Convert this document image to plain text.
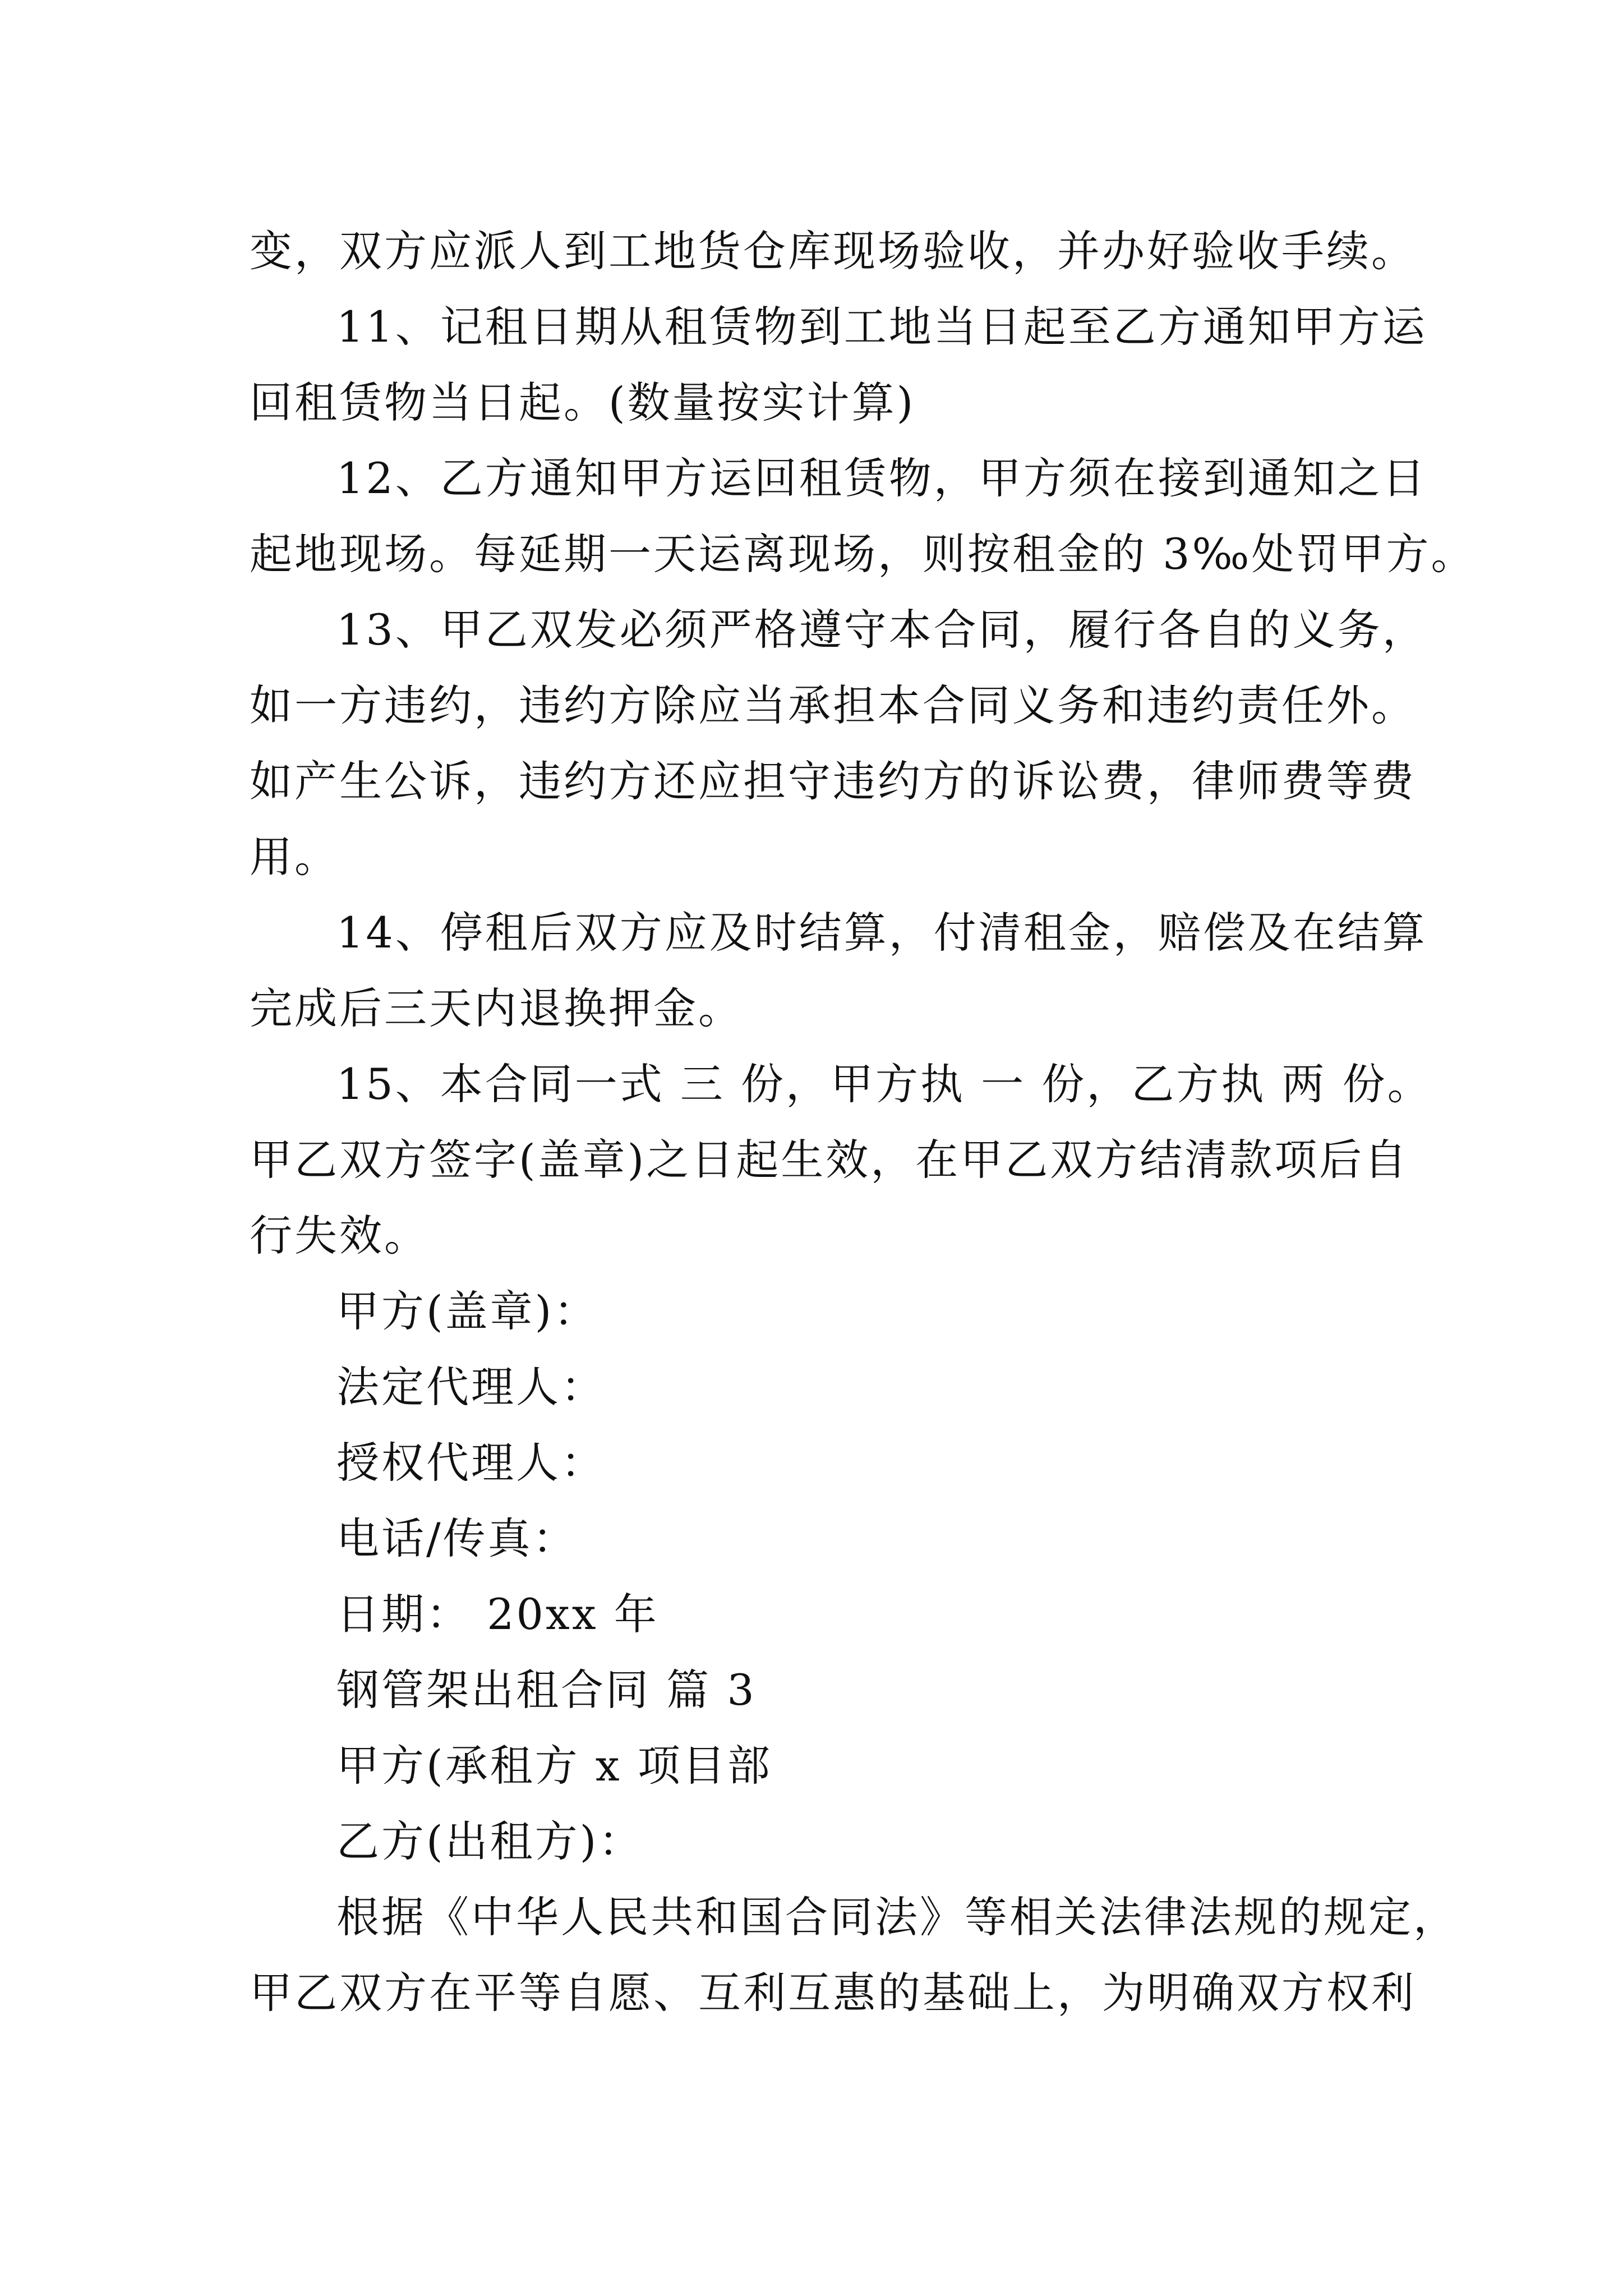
变，双方应派人到工地货仓库现场验收，并办好验收手续。
11、记租日期从租赁物到工地当日起至乙方通知甲方运
回租赁物当日起。(数量按实计算)
12、乙方通知甲方运回租赁物，甲方须在接到通知之日
起地现场。每延期一天运离现场，则按租金的 3‰处罚甲方。
13、甲乙双发必须严格遵守本合同，履行各自的义务，
如一方违约，违约方除应当承担本合同义务和违约责任外。
如产生公诉，违约方还应担守违约方的诉讼费，律师费等费
用。
14、停租后双方应及时结算，付清租金，赔偿及在结算
完成后三天内退换押金。
15、本合同一式 三 份，甲方执 一 份，乙方执 两 份。
甲乙双方签字(盖章)之日起生效，在甲乙双方结清款项后自
行失效。
甲方(盖章)：
法定代理人：
授权代理人：
电话/传真：
日期： 20xx 年
钢管架出租合同 篇 3
甲方(承租方 x 项目部
乙方(出租方)：
根据《中华人民共和国合同法》等相关法律法规的规定，
甲乙双方在平等自愿、互利互惠的基础上，为明确双方权利
